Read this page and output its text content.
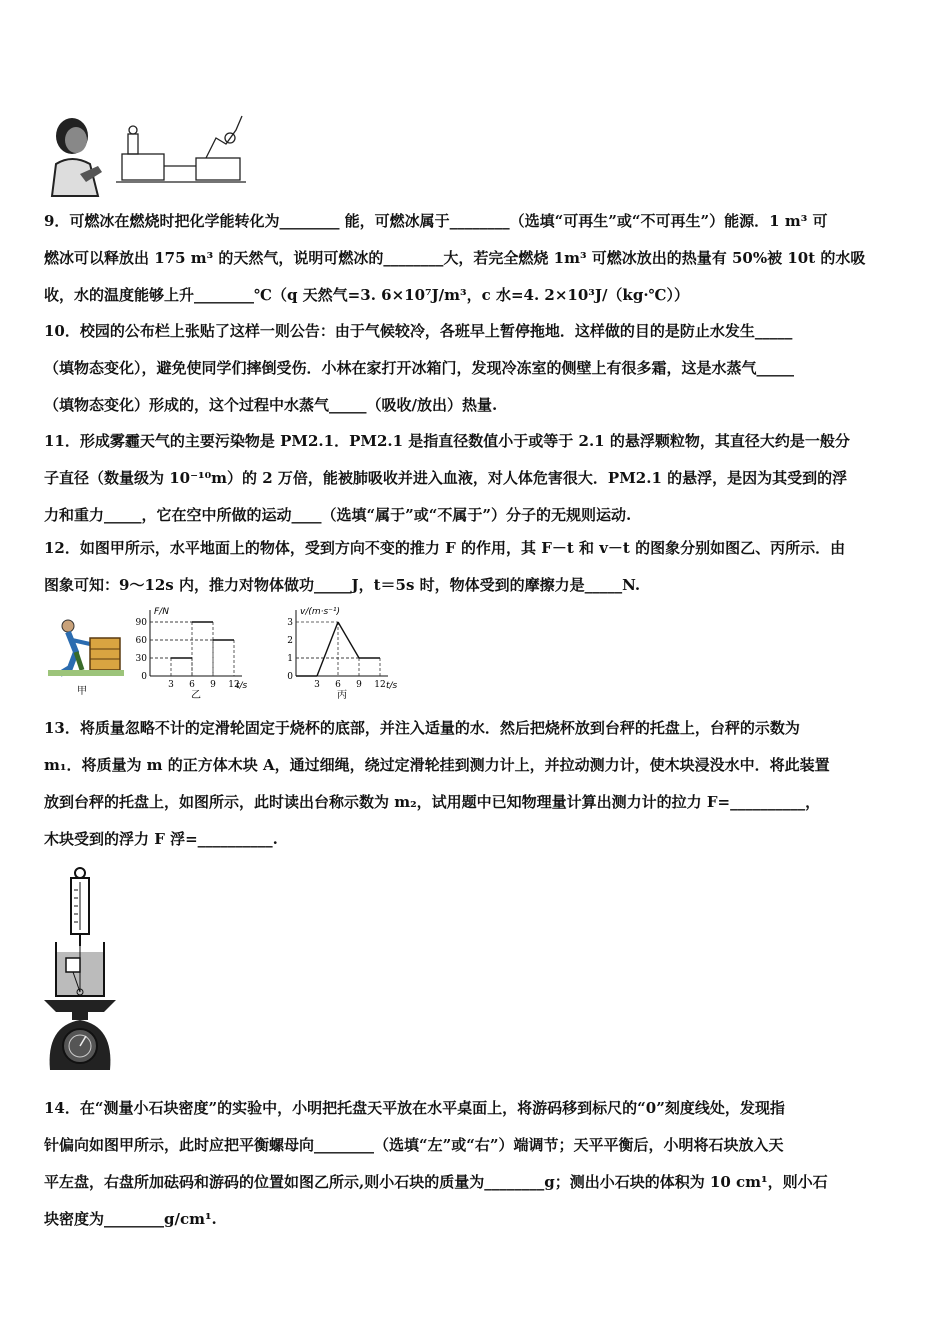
9．可燃冰在燃烧时把化学能转化为________ 能，可燃冰属于________（选填“可再生”或“不可再生”）能源．1 m³ 可

燃冰可以释放出 175 m³ 的天然气，说明可燃冰的________大，若完全燃烧 1m³ 可燃冰放出的热量有 50%被 10t 的水吸

收，水的温度能够上升________℃（q 天然气=3. 6×10⁷J/m³，c 水=4. 2×10³J/（kg·℃））

10．校园的公布栏上张贴了这样一则公告：由于气候较冷，各班早上暂停拖地．这样做的目的是防止水发生_____

（填物态变化），避免使同学们摔倒受伤．小林在家打开冰箱门，发现冷冻室的侧壁上有很多霜，这是水蒸气_____

（填物态变化）形成的，这个过程中水蒸气_____（吸收/放出）热量.

11．形成雾霾天气的主要污染物是 PM2.1．PM2.1 是指直径数值小于或等于 2.1 的悬浮颗粒物，其直径大约是一般分

子直径（数量级为 10⁻¹⁰m）的 2 万倍，能被肺吸收并进入血液，对人体危害很大．PM2.1 的悬浮，是因为其受到的浮

力和重力_____，它在空中所做的运动____（选填“属于”或“不属于”）分子的无规则运动.

12．如图甲所示，水平地面上的物体，受到方向不变的推力 F 的作用，其 F－t 和 v－t 的图象分别如图乙、丙所示．由

图象可知：9～12s 内，推力对物体做功_____J，t＝5s 时，物体受到的摩擦力是_____N.

甲
F/N
t/s
90
60
30
0
3 6 9 12
乙
v/(m·s⁻¹)
t/s
3
2
1
0
3 6 9 12
丙

13．将质量忽略不计的定滑轮固定于烧杯的底部，并注入适量的水．然后把烧杯放到台秤的托盘上，台秤的示数为

m₁．将质量为 m 的正方体木块 A，通过细绳，绕过定滑轮挂到测力计上，并拉动测力计，使木块浸没水中．将此装置

放到台秤的托盘上，如图所示，此时读出台称示数为 m₂，试用题中已知物理量计算出测力计的拉力 F=__________，

木块受到的浮力 F 浮=__________.

14．在“测量小石块密度”的实验中，小明把托盘天平放在水平桌面上，将游码移到标尺的“0”刻度线处，发现指

针偏向如图甲所示，此时应把平衡螺母向________（选填“左”或“右”）端调节；天平平衡后，小明将石块放入天

平左盘，右盘所加砝码和游码的位置如图乙所示,则小石块的质量为________g；测出小石块的体积为 10 cm¹，则小石

块密度为________g/cm¹.
